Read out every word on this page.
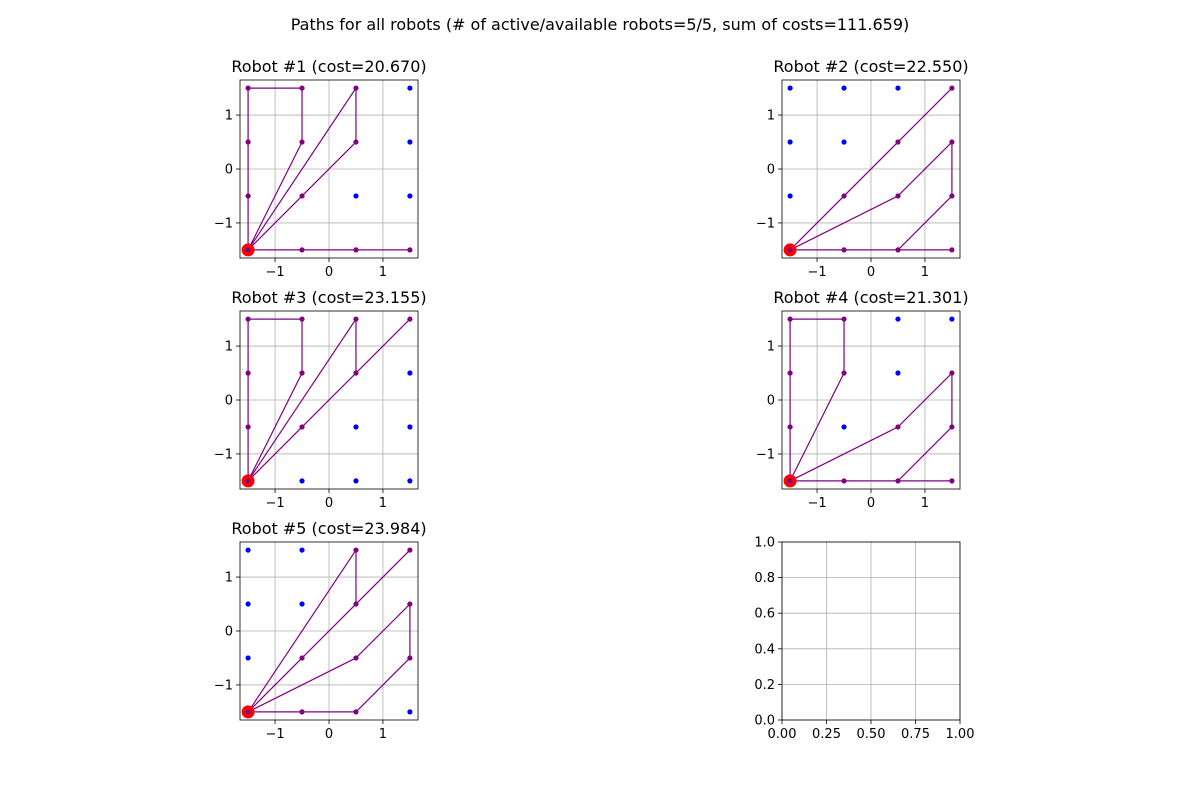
Paths for all robots (# of active/available robots=5/5, sum of costs=111.659)
Robot #1 (cost=20.670)
−1	0	1
−1
0
1
Robot #2 (cost=22.550)
−1	0	1
−1
0
1
Robot #3 (cost=23.155)
−1	0	1
−1
0
1
Robot #4 (cost=21.301)
−1	0	1
−1
0
1
Robot #5 (cost=23.984)
−1	0	1
−1
0
1
0.00 0.25 0.50 0.75 1.00
0.0
0.2
0.4
0.6
0.8
1.0
